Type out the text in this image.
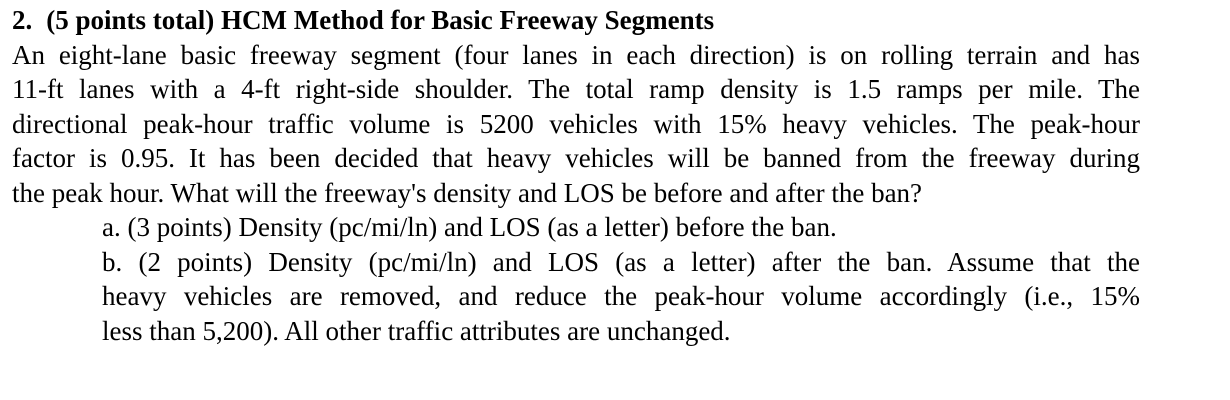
2. (5 points total) HCM Method for Basic Freeway Segments
An eight-lane basic freeway segment (four lanes in each direction) is on rolling terrain and has
11-ft lanes with a 4-ft right-side shoulder. The total ramp density is 1.5 ramps per mile. The
directional peak-hour traffic volume is 5200 vehicles with 15% heavy vehicles. The peak-hour
factor is 0.95. It has been decided that heavy vehicles will be banned from the freeway during
the peak hour. What will the freeway's density and LOS be before and after the ban?
a. (3 points) Density (pc/mi/ln) and LOS (as a letter) before the ban.
b. (2 points) Density (pc/mi/ln) and LOS (as a letter) after the ban. Assume that the
heavy vehicles are removed, and reduce the peak-hour volume accordingly (i.e., 15%
less than 5,200). All other traffic attributes are unchanged.
